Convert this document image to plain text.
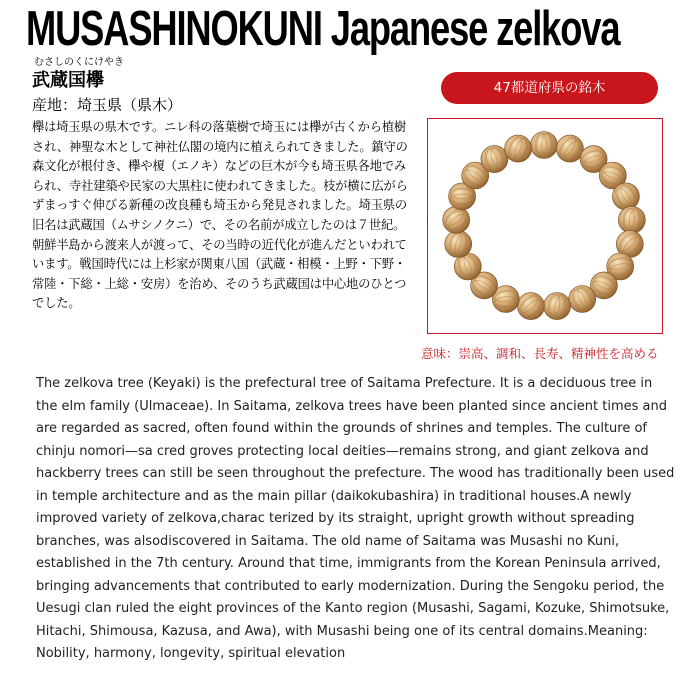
MUSASHINOKUNI Japanese zelkova
むさしのくにけやき
武蔵国欅
産地：埼玉県（県木）

欅は埼玉県の県木です。ニレ科の落葉樹で埼玉には欅が古くから植樹され、神聖な木として神社仏閣の境内に植えられてきました。鎮守の森文化が根付き、欅や榎（エノキ）などの巨木が今も埼玉県各地でみられ、寺社建築や民家の大黒柱に使われてきました。枝が横に広がらずまっすぐ伸びる新種の改良種も埼玉から発見されました。埼玉県の旧名は武蔵国（ムサシノクニ）で、その名前が成立したのは７世紀。朝鮮半島から渡来人が渡って、その当時の近代化が進んだといわれています。戦国時代には上杉家が関東八国（武蔵・相模・上野・下野・常陸・下総・上総・安房）を治め、そのうち武蔵国は中心地のひとつでした。

47都道府県の銘木
意味：崇高、調和、長寿、精神性を高める

The zelkova tree (Keyaki) is the prefectural tree of Saitama Prefecture. It is a deciduous tree in the elm family (Ulmaceae). In Saitama, zelkova trees have been planted since ancient times and are regarded as sacred, often found within the grounds of shrines and temples. The culture of chinju nomori—sa cred groves protecting local deities—remains strong, and giant zelkova and hackberry trees can still be seen throughout the prefecture. The wood has traditionally been used in temple architecture and as the main pillar (daikokubashira) in traditional houses.A newly improved variety of zelkova,charac terized by its straight, upright growth without spreading branches, was alsodiscovered in Saitama. The old name of Saitama was Musashi no Kuni, established in the 7th century. Around that time, immigrants from the Korean Peninsula arrived, bringing advancements that contributed to early modernization. During the Sengoku period, the Uesugi clan ruled the eight provinces of the Kanto region (Musashi, Sagami, Kozuke, Shimotsuke, Hitachi, Shimousa, Kazusa, and Awa), with Musashi being one of its central domains.Meaning: Nobility, harmony, longevity, spiritual elevation
